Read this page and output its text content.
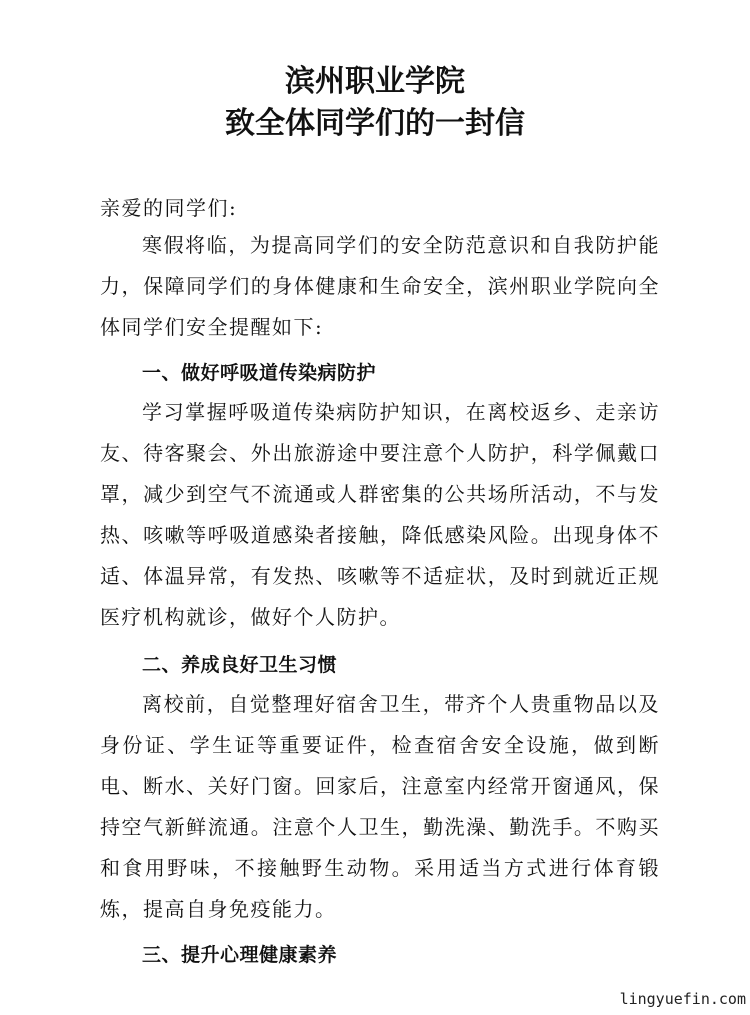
滨州职业学院
致全体同学们的一封信
亲爱的同学们:
寒假将临，为提高同学们的安全防范意识和自我防护能力，保障同学们的身体健康和生命安全，滨州职业学院向全体同学们安全提醒如下:
一、做好呼吸道传染病防护
学习掌握呼吸道传染病防护知识，在离校返乡、走亲访友、待客聚会、外出旅游途中要注意个人防护，科学佩戴口罩，减少到空气不流通或人群密集的公共场所活动，不与发热、咳嗽等呼吸道感染者接触，降低感染风险。出现身体不适、体温异常，有发热、咳嗽等不适症状，及时到就近正规医疗机构就诊，做好个人防护。
二、养成良好卫生习惯
离校前，自觉整理好宿舍卫生，带齐个人贵重物品以及身份证、学生证等重要证件，检查宿舍安全设施，做到断电、断水、关好门窗。回家后，注意室内经常开窗通风，保持空气新鲜流通。注意个人卫生，勤洗澡、勤洗手。不购买和食用野味，不接触野生动物。采用适当方式进行体育锻炼，提高自身免疫能力。
三、提升心理健康素养
lingyuefin.com
